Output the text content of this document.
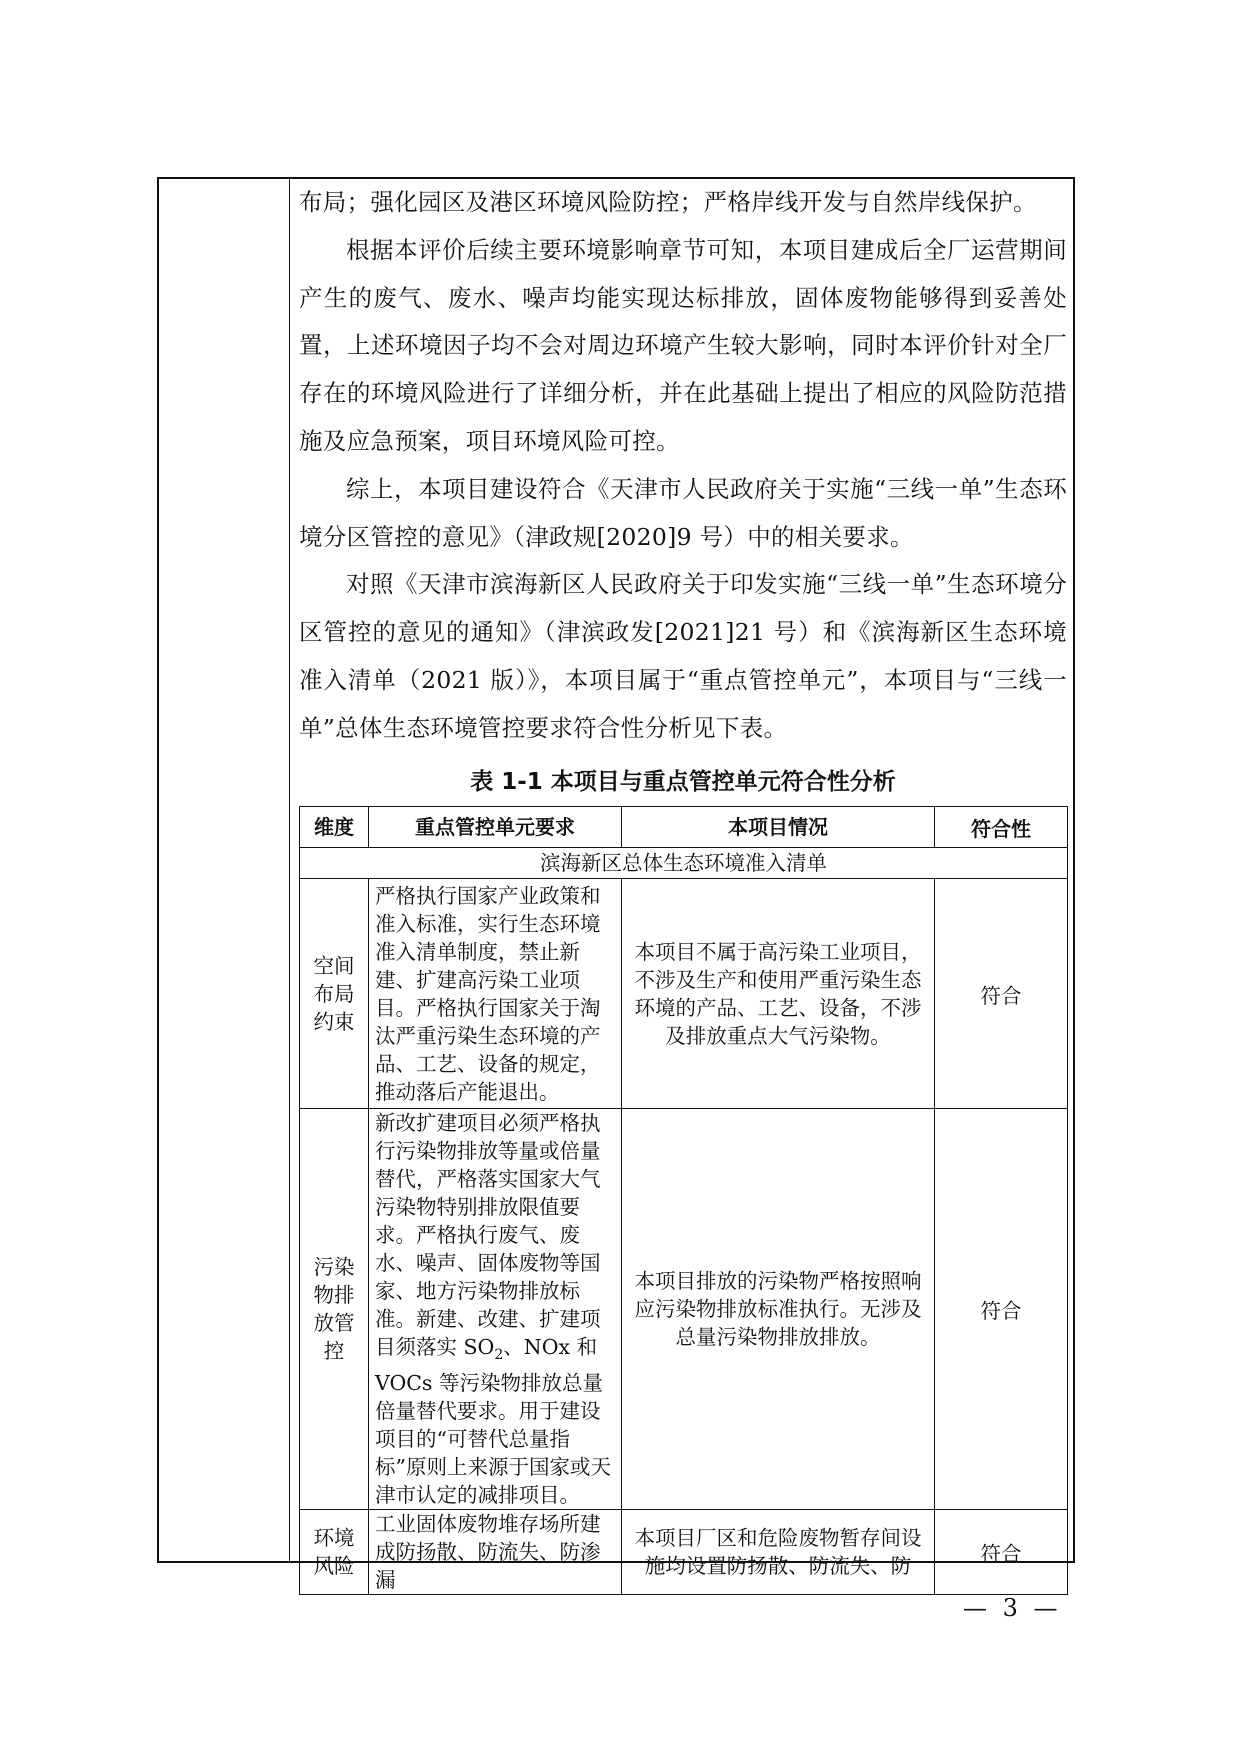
布局；强化园区及港区环境风险防控；严格岸线开发与自然岸线保护。

根据本评价后续主要环境影响章节可知，本项目建成后全厂运营期间产生的废气、废水、噪声均能实现达标排放，固体废物能够得到妥善处置，上述环境因子均不会对周边环境产生较大影响，同时本评价针对全厂存在的环境风险进行了详细分析，并在此基础上提出了相应的风险防范措施及应急预案，项目环境风险可控。

综上，本项目建设符合《天津市人民政府关于实施“三线一单”生态环境分区管控的意见》（津政规[2020]9 号）中的相关要求。

对照《天津市滨海新区人民政府关于印发实施“三线一单”生态环境分区管控的意见的通知》（津滨政发[2021]21 号）和《滨海新区生态环境准入清单（2021 版）》，本项目属于“重点管控单元”，本项目与“三线一单”总体生态环境管控要求符合性分析见下表。

表 1-1 本项目与重点管控单元符合性分析
维度	重点管控单元要求	本项目情况	符合性
滨海新区总体生态环境准入清单			
空间布局约束	严格执行国家产业政策和准入标准，实行生态环境准入清单制度，禁止新建、扩建高污染工业项目。严格执行国家关于淘汰严重污染生态环境的产品、工艺、设备的规定，推动落后产能退出。	本项目不属于高污染工业项目，不涉及生产和使用严重污染生态环境的产品、工艺、设备，不涉及排放重点大气污染物。	符合
污染物排放管控	新改扩建项目必须严格执行污染物排放等量或倍量替代，严格落实国家大气污染物特别排放限值要求。严格执行废气、废水、噪声、固体废物等国家、地方污染物排放标准。新建、改建、扩建项目须落实 $SO_2$、NOx 和 VOCs 等污染物排放总量倍量替代要求。用于建设项目的“可替代总量指标”原则上来源于国家或天津市认定的减排项目。	本项目排放的污染物严格按照响应污染物排放标准执行。无涉及总量污染物排放排放。	符合
环境风险	工业固体废物堆存场所建成防扬散、防流失、防渗漏	本项目厂区和危险废物暂存间设施均设置防扬散、防流失、防	符合
— 3 —
